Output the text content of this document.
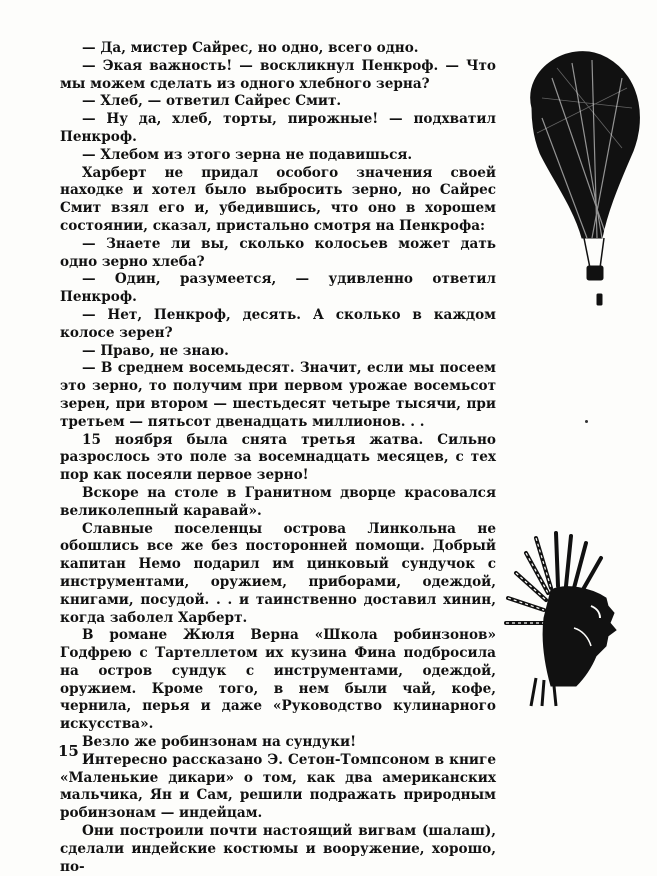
— Да, мистер Сайрес, но одно, всего одно.

— Экая важность! — воскликнул Пенкроф. — Что мы можем сделать из одного хлебного зерна?

— Хлеб, — ответил Сайрес Смит.

— Ну да, хлеб, торты, пирожные! — подхватил Пенкроф.

— Хлебом из этого зерна не подавишься.

Харберт не придал особого значения своей находке и хотел было выбросить зерно, но Сайрес Смит взял его и, убедившись, что оно в хорошем состоянии, сказал, пристально смотря на Пенкрофа:

— Знаете ли вы, сколько колосьев может дать одно зерно хлеба?

— Один, разумеется, — удивленно ответил Пенкроф.

— Нет, Пенкроф, десять. А сколько в каждом колосе зерен?

— Право, не знаю.

— В среднем восемьдесят. Значит, если мы посеем это зерно, то получим при первом урожае восемьсот зерен, при втором — шестьдесят четыре тысячи, при третьем — пятьсот двенадцать миллионов. . .

15 ноября была снята третья жатва. Сильно разрослось это поле за восемнадцать месяцев, с тех пор как посеяли первое зерно!

Вскоре на столе в Гранитном дворце красовался великолепный каравай».

Славные поселенцы острова Линкольна не обошлись все же без посторонней помощи. Добрый капитан Немо подарил им цинковый сундучок с инструментами, оружием, приборами, одеждой, книгами, посудой. . . и таинственно доставил хинин, когда заболел Харберт.

В романе Жюля Верна «Школа робинзонов» Годфрею с Тартеллетом их кузина Фина подбросила на остров сундук с инструментами, одеждой, оружием. Кроме того, в нем были чай, кофе, чернила, перья и даже «Руководство кулинарного искусства».

Везло же робинзонам на сундуки!

Интересно рассказано Э. Сетон-Томпсоном в книге «Маленькие дикари» о том, как два американских мальчика, Ян и Сам, решили подражать природным робинзонам — индейцам.

Они построили почти настоящий вигвам (шалаш), сделали индейские костюмы и вооружение, хорошо, по-

15
